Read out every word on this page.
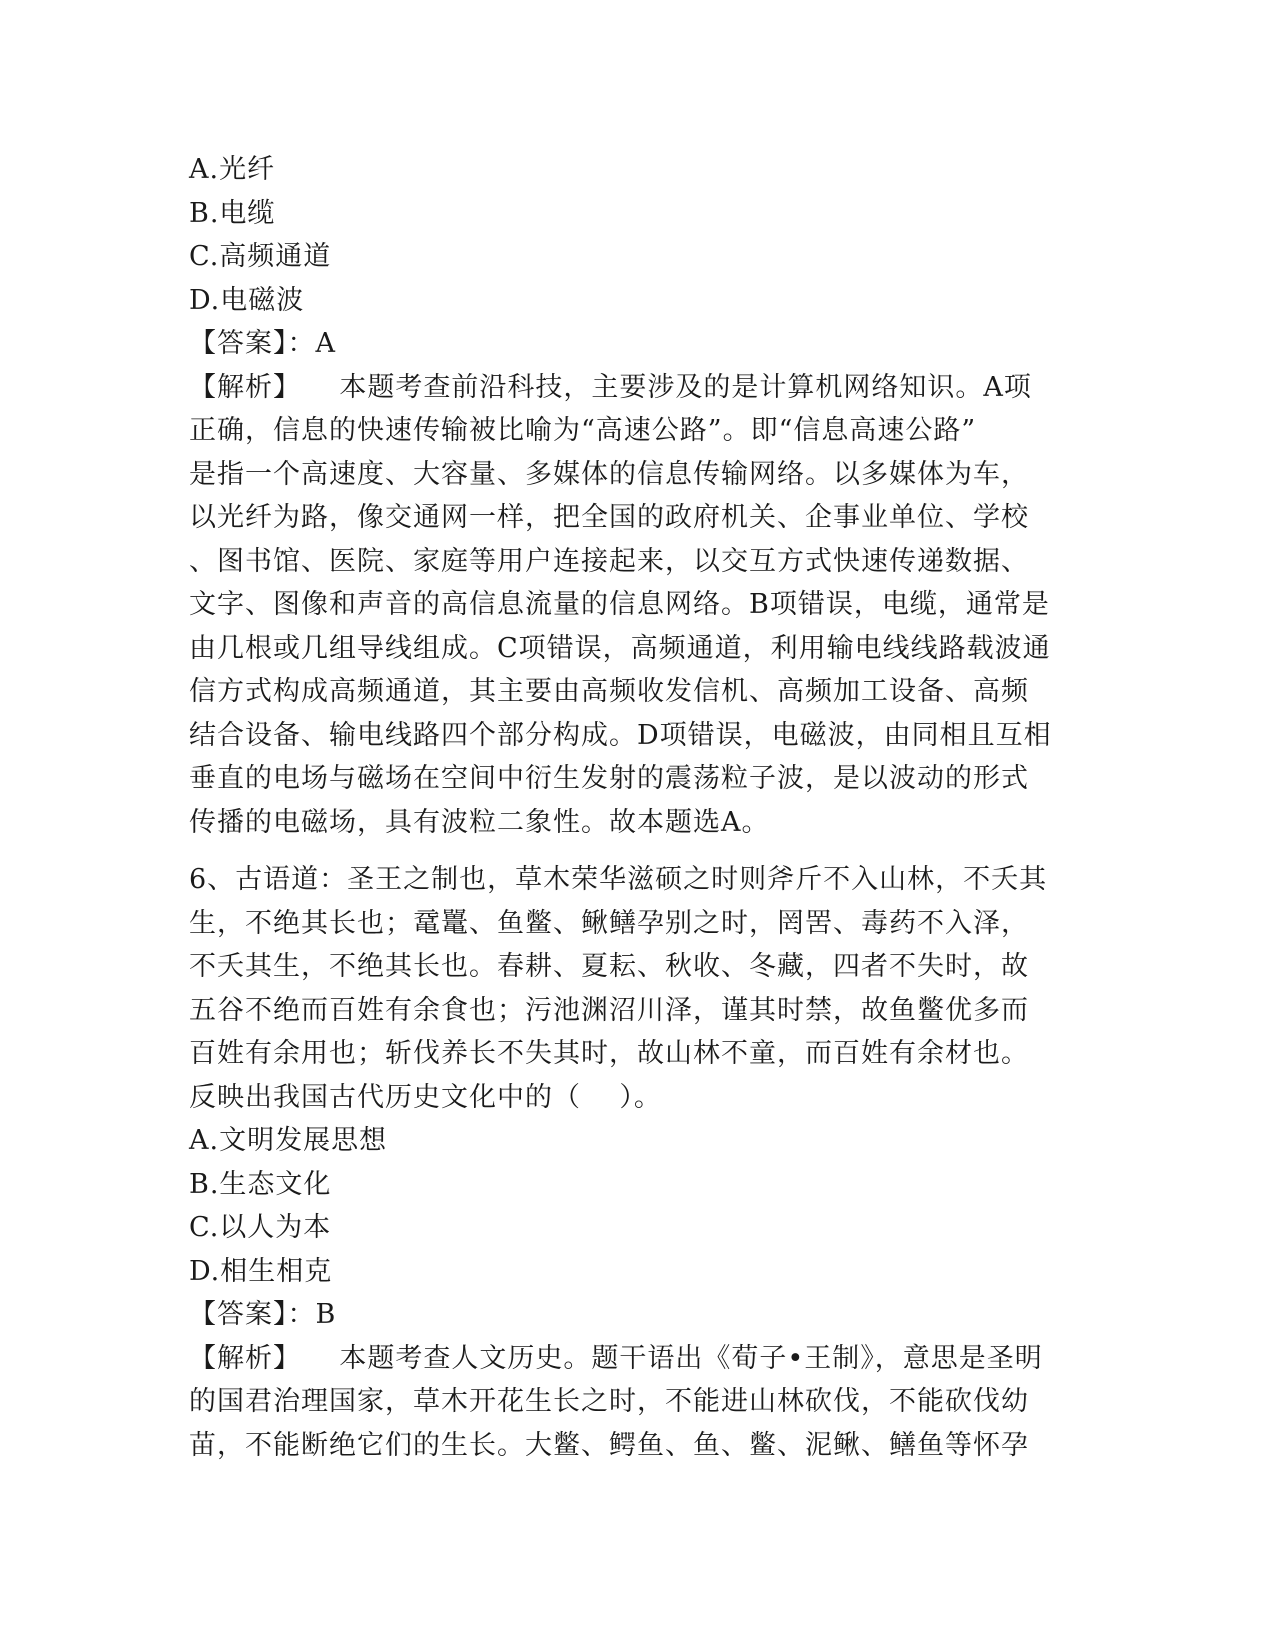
A.光纤
B.电缆
C.高频通道
D.电磁波
【答案】：A
【解析】    本题考查前沿科技，主要涉及的是计算机网络知识。A项
正确，信息的快速传输被比喻为“高速公路”。即“信息高速公路”
是指一个高速度、大容量、多媒体的信息传输网络。以多媒体为车，
以光纤为路，像交通网一样，把全国的政府机关、企事业单位、学校
、图书馆、医院、家庭等用户连接起来，以交互方式快速传递数据、
文字、图像和声音的高信息流量的信息网络。B项错误，电缆，通常是
由几根或几组导线组成。C项错误，高频通道，利用输电线线路载波通
信方式构成高频通道，其主要由高频收发信机、高频加工设备、高频
结合设备、输电线路四个部分构成。D项错误，电磁波，由同相且互相
垂直的电场与磁场在空间中衍生发射的震荡粒子波，是以波动的形式
传播的电磁场，具有波粒二象性。故本题选A。
6、古语道：圣王之制也，草木荣华滋硕之时则斧斤不入山林，不夭其
生，不绝其长也；鼋鼍、鱼鳖、鳅鳝孕别之时，罔罟、毒药不入泽，
不夭其生，不绝其长也。春耕、夏耘、秋收、冬藏，四者不失时，故
五谷不绝而百姓有余食也；污池渊沼川泽，谨其时禁，故鱼鳖优多而
百姓有余用也；斩伐养长不失其时，故山林不童，而百姓有余材也。
反映出我国古代历史文化中的（    ）。
A.文明发展思想
B.生态文化
C.以人为本
D.相生相克
【答案】：B
【解析】    本题考查人文历史。题干语出《荀子•王制》，意思是圣明
的国君治理国家，草木开花生长之时，不能进山林砍伐，不能砍伐幼
苗，不能断绝它们的生长。大鳖、鳄鱼、鱼、鳖、泥鳅、鳝鱼等怀孕
